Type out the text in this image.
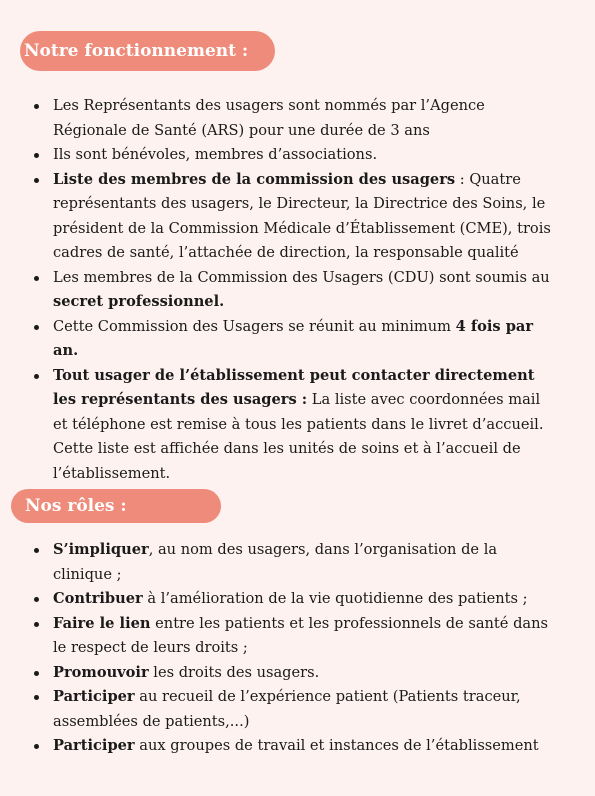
Notre fonctionnement :
Les Représentants des usagers sont nommés par l’Agence Régionale de Santé (ARS) pour une durée de 3 ans
Ils sont bénévoles, membres d’associations.
Liste des membres de la commission des usagers : Quatre représentants des usagers, le Directeur, la Directrice des Soins, le président de la Commission Médicale d’Établissement (CME), trois cadres de santé, l’attachée de direction, la responsable qualité
Les membres de la Commission des Usagers (CDU) sont soumis au secret professionnel.
Cette Commission des Usagers se réunit au minimum 4 fois par an.
Tout usager de l’établissement peut contacter directement les représentants des usagers : La liste avec coordonnées mail et téléphone est remise à tous les patients dans le livret d’accueil. Cette liste est affichée dans les unités de soins et à l’accueil de l’établissement.
Nos rôles :
S’impliquer, au nom des usagers, dans l’organisation de la clinique ;
Contribuer à l’amélioration de la vie quotidienne des patients ;
Faire le lien entre les patients et les professionnels de santé dans le respect de leurs droits ;
Promouvoir les droits des usagers.
Participer au recueil de l’expérience patient (Patients traceur, assemblées de patients,...)
Participer aux groupes de travail et instances de l’établissement
